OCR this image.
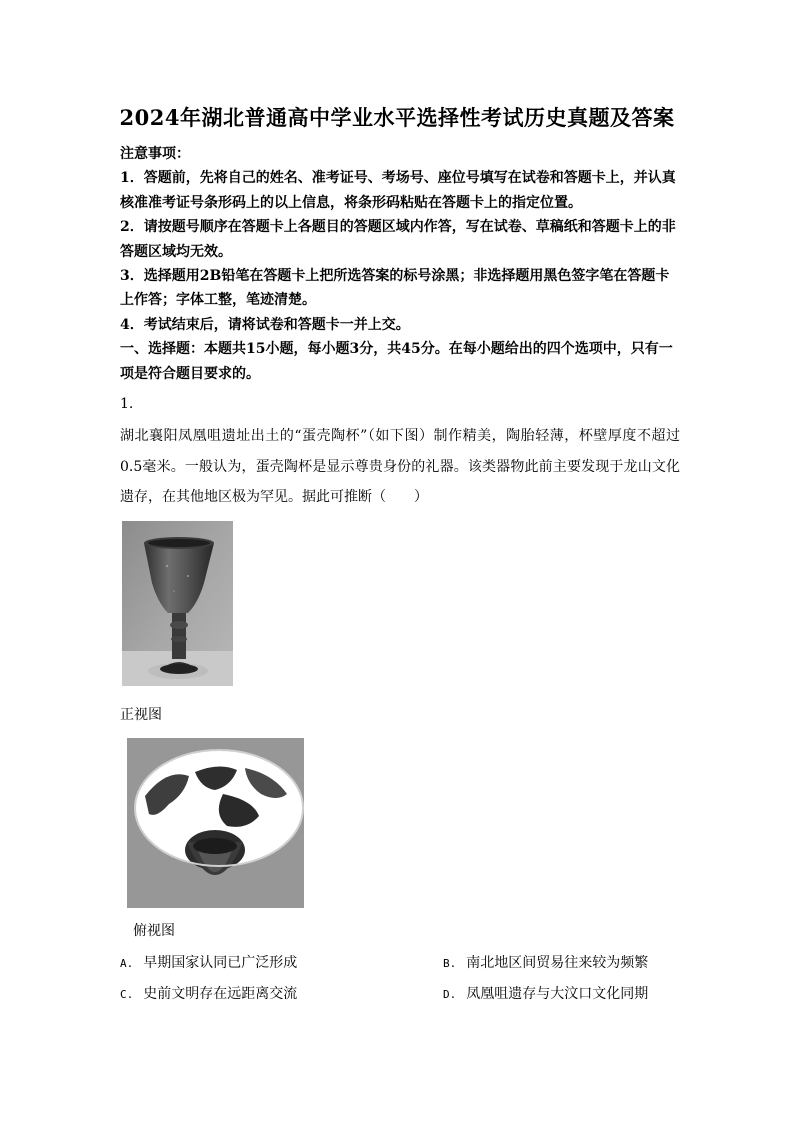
2024年湖北普通高中学业水平选择性考试历史真题及答案

注意事项：

1．答题前，先将自己的姓名、准考证号、考场号、座位号填写在试卷和答题卡上，并认真核准准考证号条形码上的以上信息，将条形码粘贴在答题卡上的指定位置。

2．请按题号顺序在答题卡上各题目的答题区域内作答，写在试卷、草稿纸和答题卡上的非答题区域均无效。

3．选择题用2B铅笔在答题卡上把所选答案的标号涂黑；非选择题用黑色签字笔在答题卡上作答；字体工整，笔迹清楚。

4．考试结束后，请将试卷和答题卡一并上交。

一、选择题：本题共15小题，每小题3分，共45分。在每小题给出的四个选项中，只有一项是符合题目要求的。

1.

湖北襄阳凤凰咀遗址出土的“蛋壳陶杯”（如下图）制作精美，陶胎轻薄，杯壁厚度不超过0.5毫米。一般认为，蛋壳陶杯是显示尊贵身份的礼器。该类器物此前主要发现于龙山文化遗存，在其他地区极为罕见。据此可推断（　　）

正视图
俯视图
A. 早期国家认同已广泛形成	B. 南北地区间贸易往来较为频繁
C. 史前文明存在远距离交流	D. 凤凰咀遗存与大汶口文化同期
